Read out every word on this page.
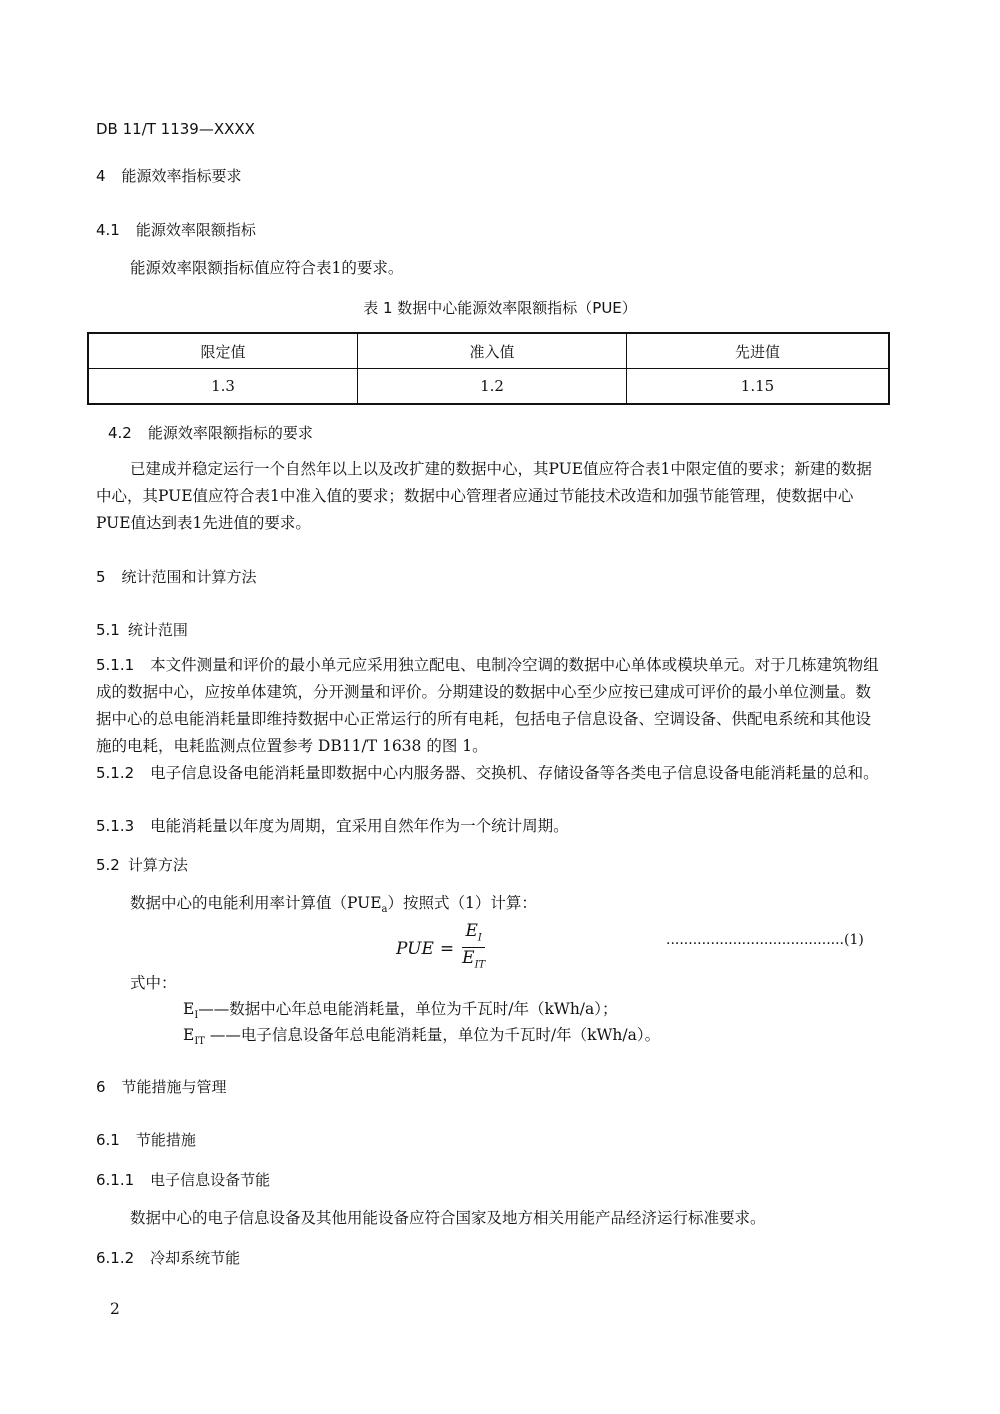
DB 11/T 1139—XXXX
4 能源效率指标要求
4.1 能源效率限额指标
能源效率限额指标值应符合表1的要求。
表 1 数据中心能源效率限额指标（PUE）
限定值	准入值	先进值
1.3	1.2	1.15
4.2 能源效率限额指标的要求
已建成并稳定运行一个自然年以上以及改扩建的数据中心，其PUE值应符合表1中限定值的要求；新建的数据中心，其PUE值应符合表1中准入值的要求；数据中心管理者应通过节能技术改造和加强节能管理，使数据中心PUE值达到表1先进值的要求。
5 统计范围和计算方法
5.1 统计范围
5.1.1 本文件测量和评价的最小单元应采用独立配电、电制冷空调的数据中心单体或模块单元。对于几栋建筑物组成的数据中心，应按单体建筑，分开测量和评价。分期建设的数据中心至少应按已建成可评价的最小单位测量。数据中心的总电能消耗量即维持数据中心正常运行的所有电耗，包括电子信息设备、空调设备、供配电系统和其他设施的电耗，电耗监测点位置参考 DB11/T 1638 的图 1。
5.1.2 电子信息设备电能消耗量即数据中心内服务器、交换机、存储设备等各类电子信息设备电能消耗量的总和。
5.1.3 电能消耗量以年度为周期，宜采用自然年作为一个统计周期。
5.2 计算方法
数据中心的电能利用率计算值$(PUE_a)$按照式（1）计算：
PUE = $\frac{E_I}{E_{IT}}$	........................................(1)
式中：
$E_I——$数据中心年总电能消耗量，单位为千瓦时/年（kWh/a）；
$E_{IT}$ ——电子信息设备年总电能消耗量，单位为千瓦时/年（kWh/a）。
6 节能措施与管理
6.1 节能措施
6.1.1 电子信息设备节能
数据中心的电子信息设备及其他用能设备应符合国家及地方相关用能产品经济运行标准要求。
6.1.2 冷却系统节能
2
